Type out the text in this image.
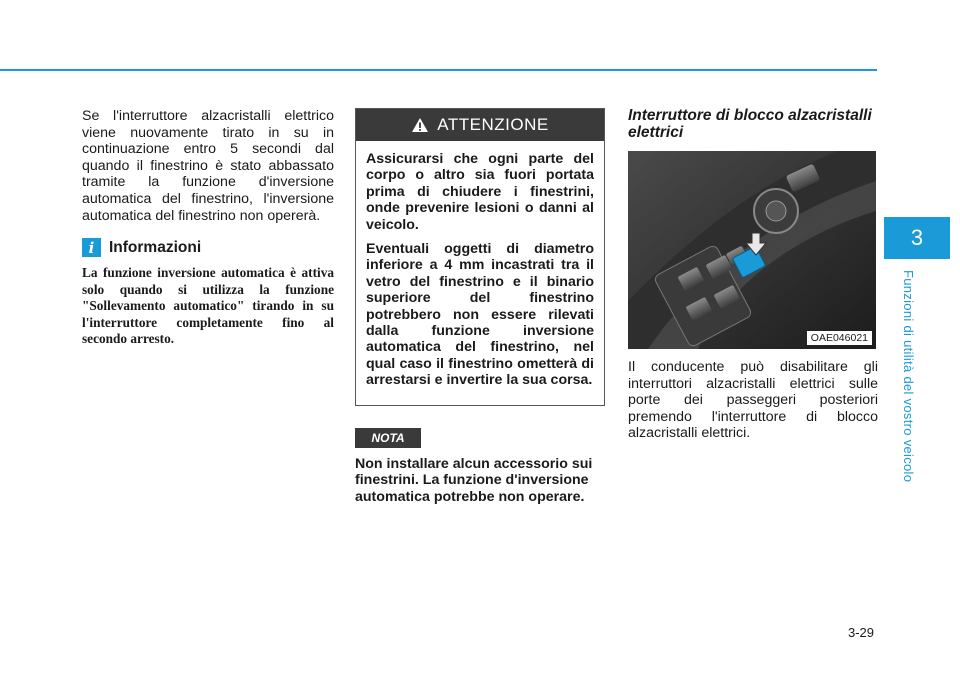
3
Funzioni di utilità del vostro veicolo

Se l'interruttore alzacristalli elettrico viene nuovamente tirato in su in continuazione entro 5 secondi dal quando il finestrino è stato abbassato tramite la funzione d'inversione automatica del finestrino, l'inversione automatica del finestrino non opererà.

i Informazioni
La funzione inversione automatica è attiva solo quando si utilizza la funzione "Sollevamento automatico" tirando in su l'interruttore completamente fino al secondo arresto.
ATTENZIONE

Assicurarsi che ogni parte del corpo o altro sia fuori portata prima di chiudere i finestrini, onde prevenire lesioni o danni al veicolo.

Eventuali oggetti di diametro inferiore a 4 mm incastrati tra il vetro del finestrino e il binario superiore del finestrino potrebbero non essere rilevati dalla funzione inversione automatica del finestrino, nel qual caso il finestrino ometterà di arrestarsi e invertire la sua corsa.

NOTA
Non installare alcun accessorio sui finestrini. La funzione d'inversione automatica potrebbe non operare.
Interruttore di blocco alzacristalli elettrici
OAE046021

Il conducente può disabilitare gli interruttori alzacristalli elettrici sulle porte dei passeggeri posteriori premendo l'interruttore di blocco alzacristalli elettrici.

3-29
